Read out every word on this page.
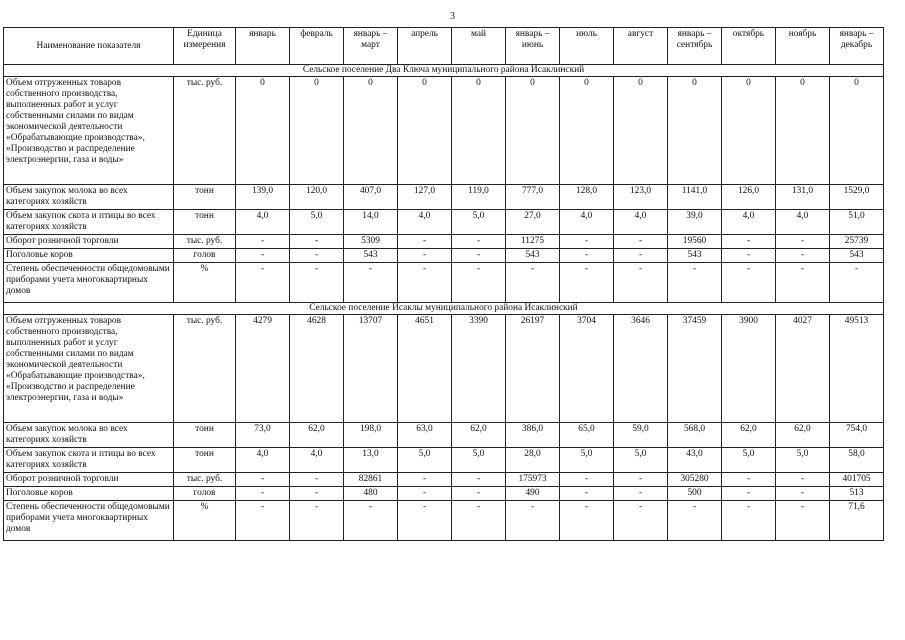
3
Наименование показателя	Единица измерения	январь	февраль	январь – март	апрель	май	январь – июнь	июль	август	январь – сентябрь	октябрь	ноябрь	январь – декабрь
Сельское поселение Два Ключа муниципального района Исаклинский													
Объем отгруженных товаров собственного производства, выполненных работ и услуг собственными силами по видам экономической деятельности «Обрабатывающие производства», «Производство и распределение электроэнергии, газа и воды»	тыс. руб.	0	0	0	0	0	0	0	0	0	0	0	0
Объем закупок молока во всех категориях хозяйств	тонн	139,0	120,0	407,0	127,0	119,0	777,0	128,0	123,0	1141,0	126,0	131,0	1529,0
Объем закупок скота и птицы во всех категориях хозяйств	тонн	4,0	5,0	14,0	4,0	5,0	27,0	4,0	4,0	39,0	4,0	4,0	51,0
Оборот розничной торговли	тыс. руб.	-	-	5309	-	-	11275	-	-	19560	-	-	25739
Поголовье коров	голов	-	-	543	-	-	543	-	-	543	-	-	543
Степень обеспеченности общедомовыми приборами учета многоквартирных домов	%	-	-	-	-	-	-	-	-	-	-	-	-
Сельское поселение Исаклы муниципального района Исаклинский													
Объем отгруженных товаров собственного производства, выполненных работ и услуг собственными силами по видам экономической деятельности «Обрабатывающие производства», «Производство и распределение электроэнергии, газа и воды»	тыс. руб.	4279	4628	13707	4651	3390	26197	3704	3646	37459	3900	4027	49513
Объем закупок молока во всех категориях хозяйств	тонн	73,0	62,0	198,0	63,0	62,0	386,0	65,0	59,0	568,0	62,0	62,0	754,0
Объем закупок скота и птицы во всех категориях хозяйств	тонн	4,0	4,0	13,0	5,0	5,0	28,0	5,0	5,0	43,0	5,0	5,0	58,0
Оборот розничной торговли	тыс. руб.	-	-	82861	-	-	175973	-	-	305280	-	-	401705
Поголовье коров	голов	-	-	480	-	-	490	-	-	500	-	-	513
Степень обеспеченности общедомовыми приборами учета многоквартирных домов	%	-	-	-	-	-	-	-	-	-	-	-	71,6
